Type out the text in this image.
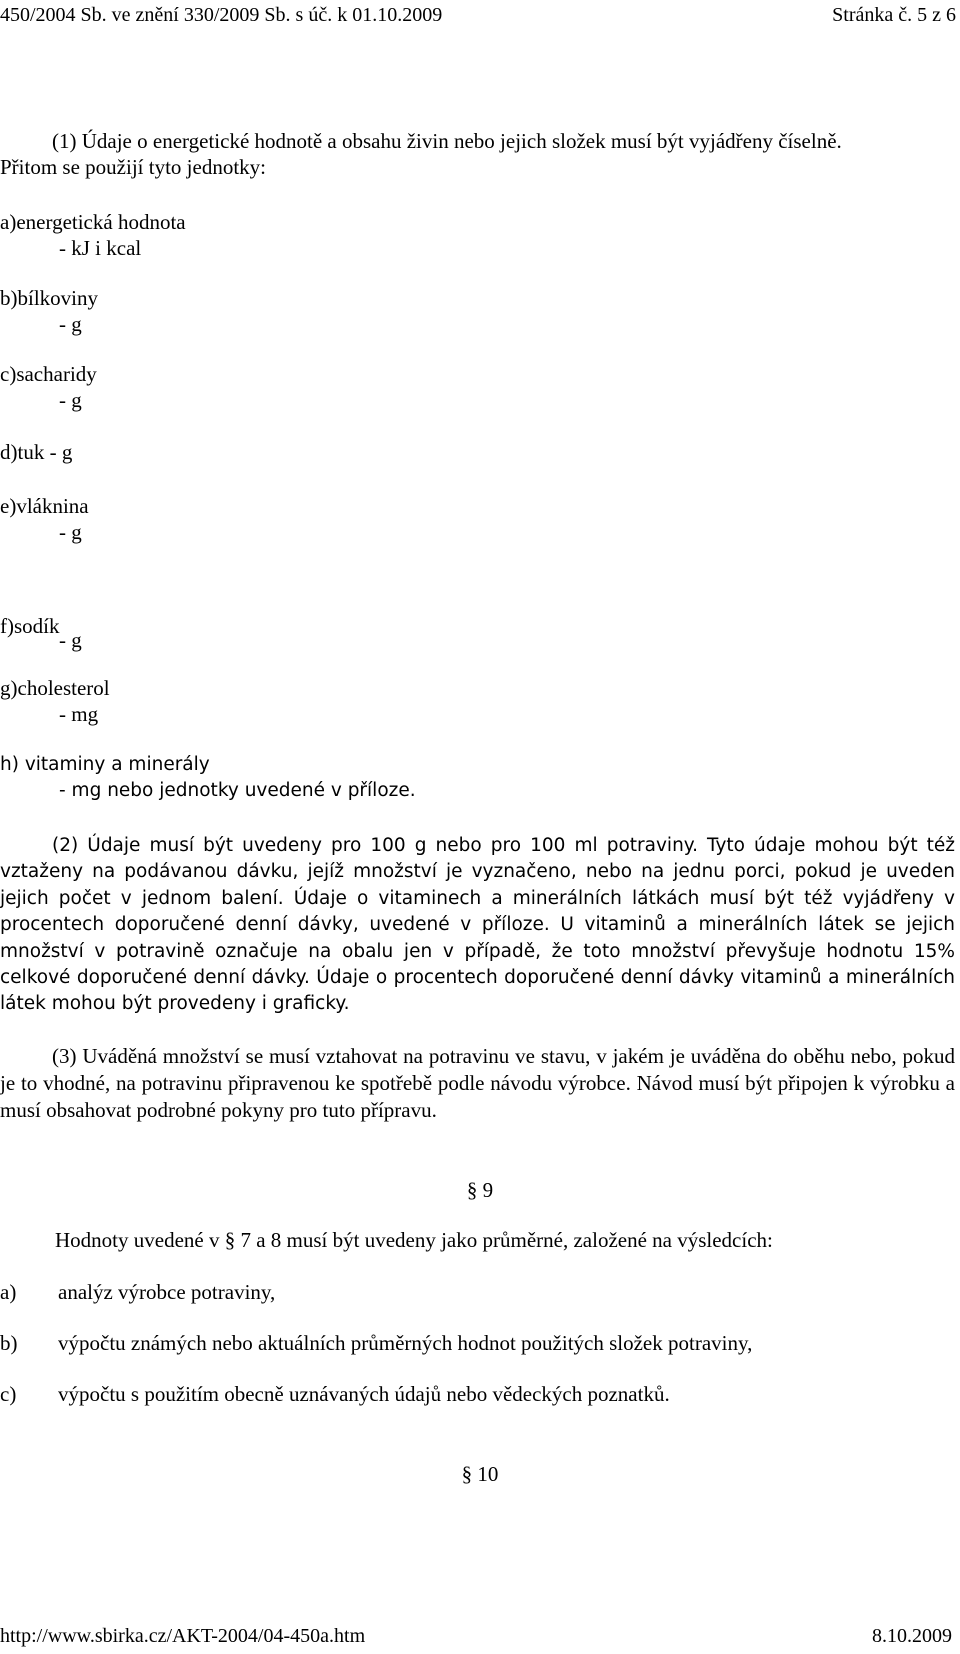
450/2004 Sb. ve znění 330/2009 Sb. s úč. k 01.10.2009	Stránka č. 5 z 6
(1) Údaje o energetické hodnotě a obsahu živin nebo jejich složek musí být vyjádřeny číselně.
Přitom se použijí tyto jednotky:
a)energetická hodnota
- kJ i kcal
b)bílkoviny
- g
c)sacharidy
- g
d)tuk - g
e)vláknina
- g
f)sodík
- g
g)cholesterol
- mg
h) vitaminy a minerály
- mg nebo jednotky uvedené v příloze.
(2) Údaje musí být uvedeny pro 100 g nebo pro 100 ml potraviny. Tyto údaje mohou být též vztaženy na podávanou dávku, jejíž množství je vyznačeno, nebo na jednu porci, pokud je uveden jejich počet v jednom balení. Údaje o vitaminech a minerálních látkách musí být též vyjádřeny v procentech doporučené denní dávky, uvedené v příloze. U vitaminů a minerálních látek se jejich množství v potravině označuje na obalu jen v případě, že toto množství převyšuje hodnotu 15% celkové doporučené denní dávky. Údaje o procentech doporučené denní dávky vitaminů a minerálních látek mohou být provedeny i graficky.
(3) Uváděná množství se musí vztahovat na potravinu ve stavu, v jakém je uváděna do oběhu nebo, pokud je to vhodné, na potravinu připravenou ke spotřebě podle návodu výrobce. Návod musí být připojen k výrobku a musí obsahovat podrobné pokyny pro tuto přípravu.
§ 9
Hodnoty uvedené v § 7 a 8 musí být uvedeny jako průměrné, založené na výsledcích:
a) analýz výrobce potraviny,
b) výpočtu známých nebo aktuálních průměrných hodnot použitých složek potraviny,
c) výpočtu s použitím obecně uznávaných údajů nebo vědeckých poznatků.
§ 10
http://www.sbirka.cz/AKT-2004/04-450a.htm	8.10.2009
